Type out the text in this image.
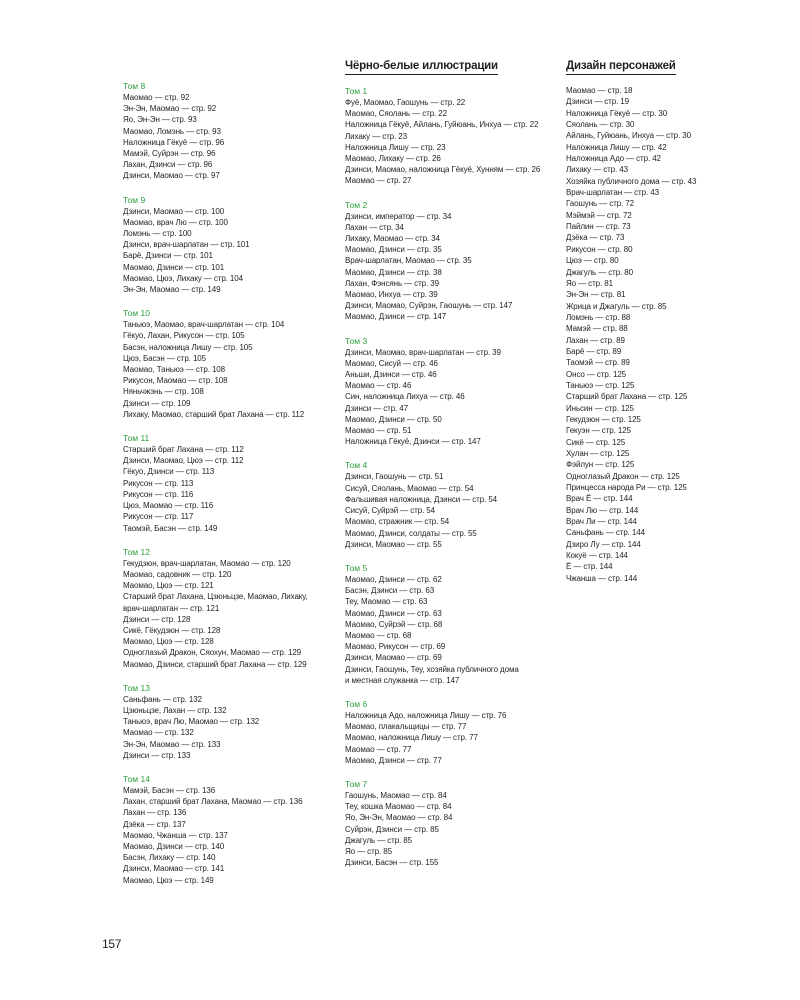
Том 8
Маомао — стр. 92
Эн-Эн, Маомао — стр. 92
Яо, Эн-Эн — стр. 93
Маомао, Ломэнь — стр. 93
Наложница Гёкуё — стр. 96
Мамэй, Суйрэн — стр. 96
Лахан, Дзинси — стр. 96
Дзинси, Маомао — стр. 97
Том 9
Дзинси, Маомао — стр. 100
Маомао, врач Лю — стр. 100
Ломэнь — стр. 100
Дзинси, врач-шарлатан — стр. 101
Барё, Дзинси — стр. 101
Маомао, Дзинси — стр. 101
Маомао, Цюэ, Лихаку — стр. 104
Эн-Эн, Маомао — стр. 149
Том 10
Таньюэ, Маомао, врач-шарлатан — стр. 104
Гёкуо, Лахан, Рикусон — стр. 105
Басэн, наложница Лишу — стр. 105
Цюэ, Басэн — стр. 105
Маомао, Таньюэ — стр. 108
Рикусон, Маомао — стр. 108
Няньчжэнь — стр. 108
Дзинси — стр. 109
Лихаку, Маомао, старший брат Лахана — стр. 112
Том 11
Старший брат Лахана — стр. 112
Дзинси, Маомао, Цюэ — стр. 112
Гёкуо, Дзинси — стр. 113
Рикусон — стр. 113
Рикусон — стр. 116
Цюэ, Маомао — стр. 116
Рикусон — стр. 117
Таомэй, Басэн — стр. 149
Том 12
Гекудзюн, врач-шарлатан, Маомао — стр. 120
Маомао, садовник — стр. 120
Маомао, Цюэ — стр. 121
Старший брат Лахана, Цзюньцзе, Маомао, Лихаку,
врач-шарлатан — стр. 121
Дзинси — стр. 128
Сикё, Гёкудзюн — стр. 128
Маомао, Цюэ — стр. 128
Одноглазый Дракон, Сяохун, Маомао — стр. 129
Маомао, Дзинси, старший брат Лахана — стр. 129
Том 13
Саньфань — стр. 132
Цзюньцзе, Лахан — стр. 132
Таньюэ, врач Лю, Маомао — стр. 132
Маомао — стр. 132
Эн-Эн, Маомао — стр. 133
Дзинси — стр. 133
Том 14
Мамэй, Басэн — стр. 136
Лахан, старший брат Лахана, Маомао — стр. 136
Лахан — стр. 136
Дзёка — стр. 137
Маомао, Чжанша — стр. 137
Маомао, Дзинси — стр. 140
Басэн, Лихаку — стр. 140
Дзинси, Маомао — стр. 141
Маомао, Цюэ — стр. 149
Чёрно-белые иллюстрации
Том 1
Фуё, Маомао, Гаошунь — стр. 22
Маомао, Сяолань — стр. 22
Наложница Гёкуё, Айлань, Гуйюань, Инхуа — стр. 22
Лихаку — стр. 23
Наложница Лишу — стр. 23
Маомао, Лихаку — стр. 26
Дзинси, Маомао, наложница Гёкуё, Хунням — стр. 26
Маомао — стр. 27
Том 2
Дзинси, император — стр. 34
Лахан — стр. 34
Лихаку, Маомао — стр. 34
Маомао, Дзинси — стр. 35
Врач-шарлатан, Маомао — стр. 35
Маомао, Дзинси — стр. 38
Лахан, Фэнсянь — стр. 39
Маомао, Инхуа — стр. 39
Дзинси, Маомао, Суйрэн, Гаошунь — стр. 147
Маомао, Дзинси — стр. 147
Том 3
Дзинси, Маомао, врач-шарлатан — стр. 39
Маомао, Сисуй — стр. 46
Аньши, Дзинси — стр. 46
Маомао — стр. 46
Син, наложница Лихуа — стр. 46
Дзинси — стр. 47
Маомао, Дзинси — стр. 50
Маомао — стр. 51
Наложница Гёкуё, Дзинси — стр. 147
Том 4
Дзинси, Гаошунь — стр. 51
Сисуй, Сяолань, Маомао — стр. 54
Фальшивая наложница, Дзинси — стр. 54
Сисуй, Суйрэй — стр. 54
Маомао, стражник — стр. 54
Маомао, Дзинси, солдаты — стр. 55
Дзинси, Маомао — стр. 55
Том 5
Маомао, Дзинси — стр. 62
Басэн, Дзинси — стр. 63
Теу, Маомао — стр. 63
Маомао, Дзинси — стр. 63
Маомао, Суйрэй — стр. 68
Маомао — стр. 68
Маомао, Рикусон — стр. 69
Дзинси, Маомао — стр. 69
Дзинси, Гаошунь, Теу, хозяйка публичного дома
и местная служанка — стр. 147
Том 6
Наложница Адо, наложница Лишу — стр. 76
Маомао, плакальщицы — стр. 77
Маомао, наложница Лишу — стр. 77
Маомао — стр. 77
Маомао, Дзинси — стр. 77
Том 7
Гаошунь, Маомао — стр. 84
Теу, кошка Маомао — стр. 84
Яо, Эн-Эн, Маомао — стр. 84
Суйрэн, Дзинси — стр. 85
Джагуль — стр. 85
Яо — стр. 85
Дзинси, Басэн — стр. 155
Дизайн персонажей
Маомао — стр. 18
Дзинси — стр. 19
Наложница Гёкуё — стр. 30
Сяолань — стр. 30
Айлань, Гуйюань, Инхуа — стр. 30
Наложница Лишу — стр. 42
Наложница Адо — стр. 42
Лихаку — стр. 43
Хозяйка публичного дома — стр. 43
Врач-шарлатан — стр. 43
Гаошунь — стр. 72
Мэймэй — стр. 72
Пайлин — стр. 73
Дзёка — стр. 73
Рикусон — стр. 80
Цюэ — стр. 80
Джагуль — стр. 80
Яо — стр. 81
Эн-Эн — стр. 81
Жрица и Джагуль — стр. 85
Ломэнь — стр. 88
Мамэй — стр. 88
Лахан — стр. 89
Барё — стр. 89
Таомэй — стр. 89
Онсо — стр. 125
Таньюэ — стр. 125
Старший брат Лахана — стр. 125
Иньсин — стр. 125
Гекудзюн — стр. 125
Гекуэн — стр. 125
Сикё — стр. 125
Хулан — стр. 125
Фэйлун — стр. 125
Одноглазый Дракон — стр. 125
Принцесса народа Ри — стр. 125
Врач Ё — стр. 144
Врач Лю — стр. 144
Врач Ли — стр. 144
Саньфань — стр. 144
Дзиро Лу — стр. 144
Кокуё — стр. 144
Ё — стр. 144
Чжанша — стр. 144
157
